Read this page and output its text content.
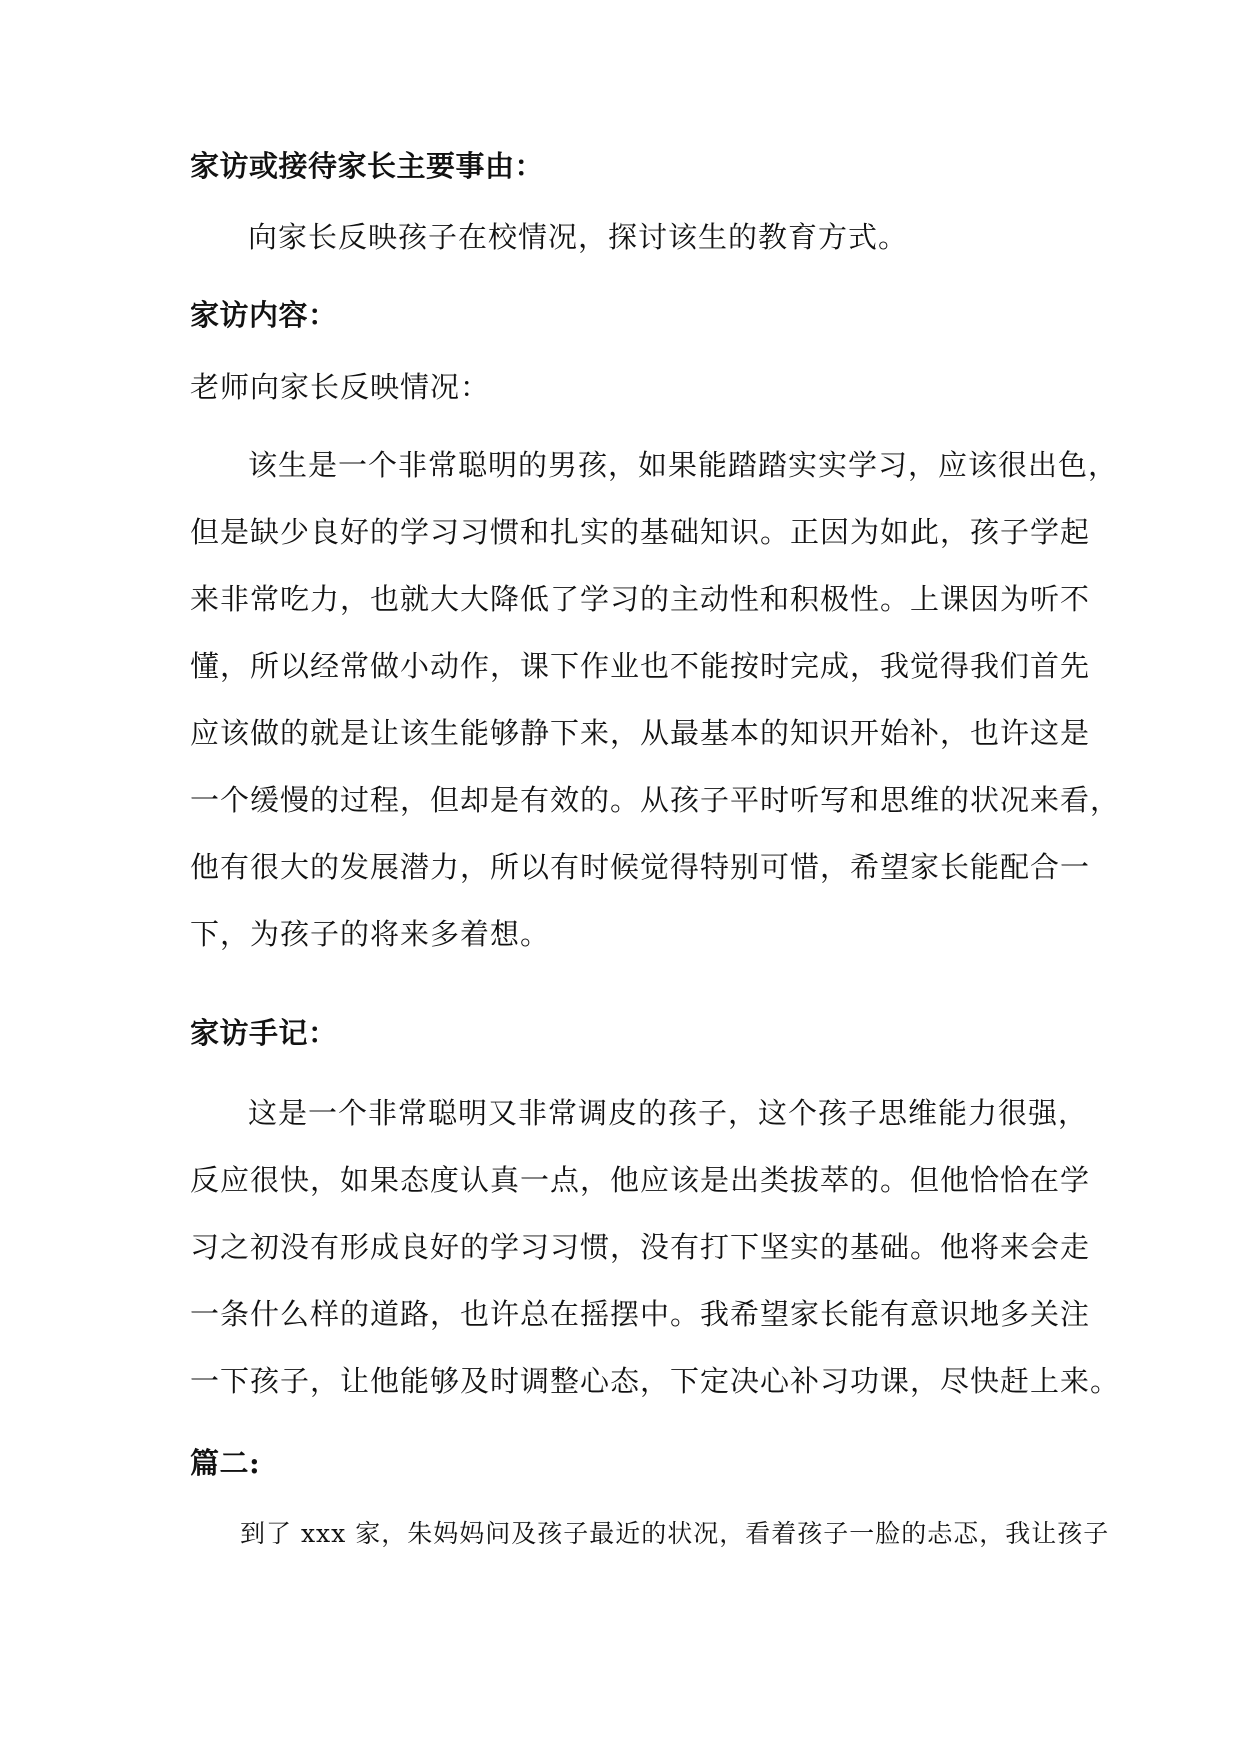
家访或接待家长主要事由：
向家长反映孩子在校情况，探讨该生的教育方式。
家访内容：
老师向家长反映情况：
该生是一个非常聪明的男孩，如果能踏踏实实学习，应该很出色，
但是缺少良好的学习习惯和扎实的基础知识。正因为如此，孩子学起
来非常吃力，也就大大降低了学习的主动性和积极性。上课因为听不
懂，所以经常做小动作，课下作业也不能按时完成，我觉得我们首先
应该做的就是让该生能够静下来，从最基本的知识开始补，也许这是
一个缓慢的过程，但却是有效的。从孩子平时听写和思维的状况来看，
他有很大的发展潜力，所以有时候觉得特别可惜，希望家长能配合一
下，为孩子的将来多着想。
家访手记：
这是一个非常聪明又非常调皮的孩子，这个孩子思维能力很强，
反应很快，如果态度认真一点，他应该是出类拔萃的。但他恰恰在学
习之初没有形成良好的学习习惯，没有打下坚实的基础。他将来会走
一条什么样的道路，也许总在摇摆中。我希望家长能有意识地多关注
一下孩子，让他能够及时调整心态，下定决心补习功课，尽快赶上来。
篇二:
到了 xxx 家，朱妈妈问及孩子最近的状况，看着孩子一脸的忐忑，我让孩子
